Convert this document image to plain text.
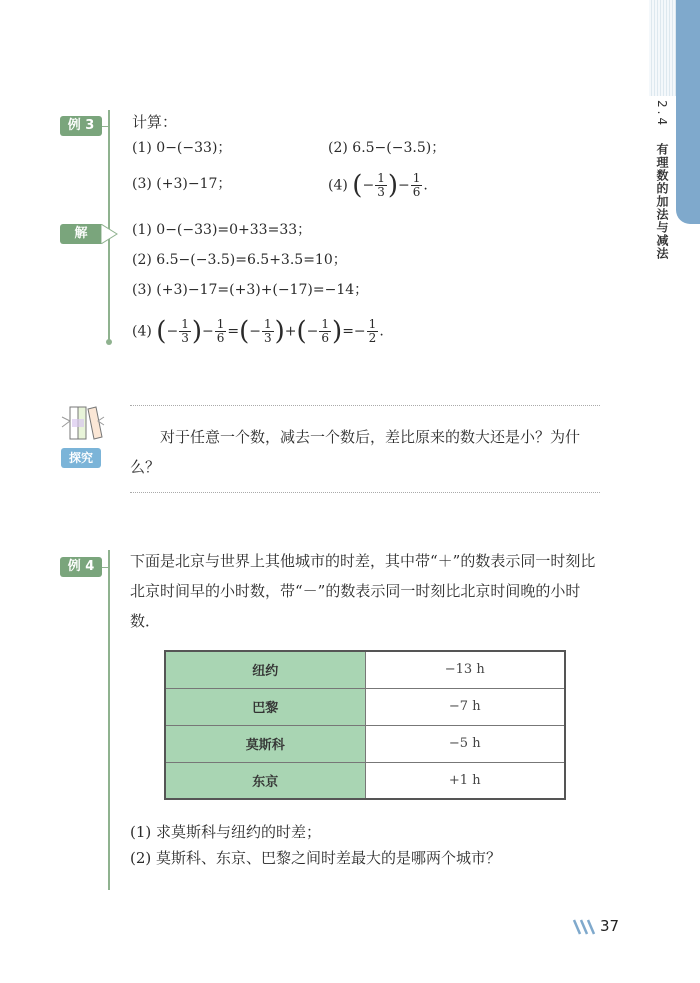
2.4 有理数的加法与减法
例 3	计算：
(1) 0−(−33)；	(2) 6.5−(−3.5)；
(3) (+3)−17；	(4) (− $\frac{1}{3}$ )− $\frac{1}{6}$ .
解	(1) 0−(−33)=0+33=33；
(2) 6.5−(−3.5)=6.5+3.5=10；
(3) (+3)−17=(+3)+(−17)=−14；
(4) (− $\frac{1}{3}$ )− $\frac{1}{6}$ =(− $\frac{1}{3}$ )+(− $\frac{1}{6}$ )=− $\frac{1}{2}$ .
探究
对于任意一个数，减去一个数后，差比原来的数大还是小？为什么？
例 4	下面是北京与世界上其他城市的时差，其中带“＋”的数表示同一时刻比北京时间早的小时数，带“－”的数表示同一时刻比北京时间晚的小时数．
纽约	−13 h
巴黎	−7 h
莫斯科	−5 h
东京	+1 h
(1) 求莫斯科与纽约的时差；
(2) 莫斯科、东京、巴黎之间时差最大的是哪两个城市？
37
